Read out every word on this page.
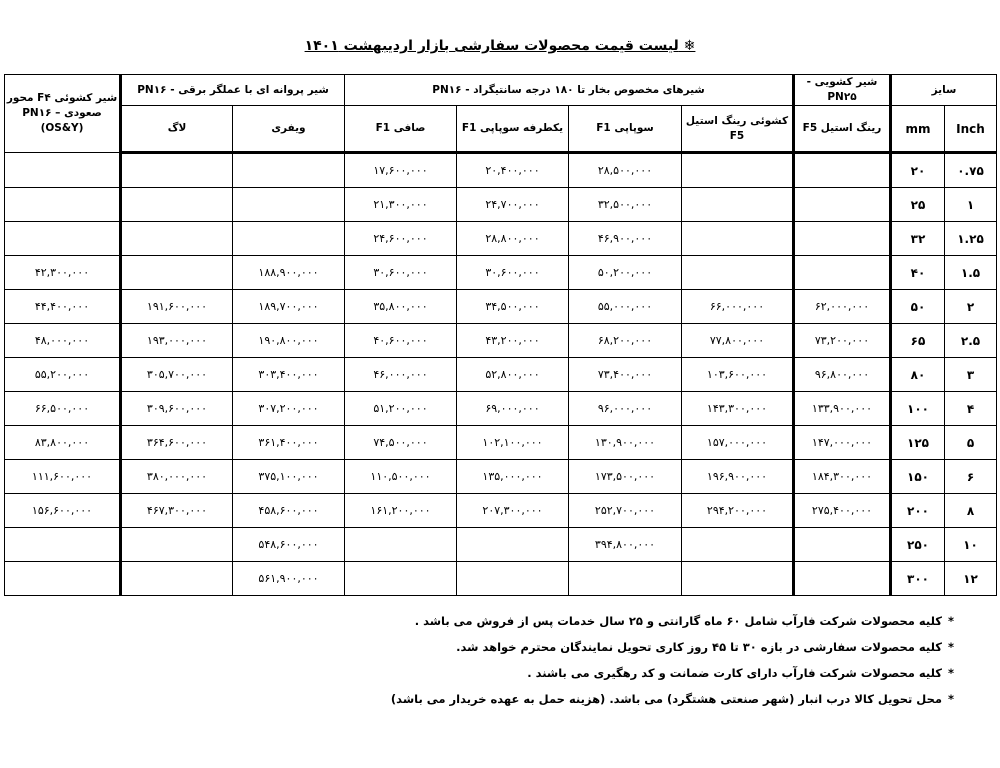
لیست قیمت محصولات سفارشی بازار اردیبهشت ۱۴۰۱ ❄
سایز		شیر کشویی -PN۲۵	شیرهای مخصوص بخار تا ۱۸۰ درجه سانتیگراد - PN۱۶				شیر پروانه ای با عملگر برقی - PN۱۶		شیر کشوئی F۴ محور صعودی PN۱۶ – (OS&Y)
Inch	mm	رینگ استیل F5	کشوئی رینگ استیل F5	سوپاپی F1	یکطرفه سوپاپی F1	صافی F1	ویفری	لاگ	
۰.۷۵	۲۰			۲۸,۵۰۰,۰۰۰	۲۰,۴۰۰,۰۰۰	۱۷,۶۰۰,۰۰۰			
۱	۲۵			۳۲,۵۰۰,۰۰۰	۲۴,۷۰۰,۰۰۰	۲۱,۳۰۰,۰۰۰			
۱.۲۵	۳۲			۴۶,۹۰۰,۰۰۰	۲۸,۸۰۰,۰۰۰	۲۴,۶۰۰,۰۰۰			
۱.۵	۴۰			۵۰,۲۰۰,۰۰۰	۳۰,۶۰۰,۰۰۰	۳۰,۶۰۰,۰۰۰	۱۸۸,۹۰۰,۰۰۰		۴۲,۳۰۰,۰۰۰
۲	۵۰	۶۲,۰۰۰,۰۰۰	۶۶,۰۰۰,۰۰۰	۵۵,۰۰۰,۰۰۰	۳۴,۵۰۰,۰۰۰	۳۵,۸۰۰,۰۰۰	۱۸۹,۷۰۰,۰۰۰	۱۹۱,۶۰۰,۰۰۰	۴۴,۴۰۰,۰۰۰
۲.۵	۶۵	۷۳,۲۰۰,۰۰۰	۷۷,۸۰۰,۰۰۰	۶۸,۲۰۰,۰۰۰	۴۳,۲۰۰,۰۰۰	۴۰,۶۰۰,۰۰۰	۱۹۰,۸۰۰,۰۰۰	۱۹۳,۰۰۰,۰۰۰	۴۸,۰۰۰,۰۰۰
۳	۸۰	۹۶,۸۰۰,۰۰۰	۱۰۳,۶۰۰,۰۰۰	۷۳,۴۰۰,۰۰۰	۵۲,۸۰۰,۰۰۰	۴۶,۰۰۰,۰۰۰	۳۰۳,۴۰۰,۰۰۰	۳۰۵,۷۰۰,۰۰۰	۵۵,۲۰۰,۰۰۰
۴	۱۰۰	۱۳۳,۹۰۰,۰۰۰	۱۴۳,۳۰۰,۰۰۰	۹۶,۰۰۰,۰۰۰	۶۹,۰۰۰,۰۰۰	۵۱,۲۰۰,۰۰۰	۳۰۷,۲۰۰,۰۰۰	۳۰۹,۶۰۰,۰۰۰	۶۶,۵۰۰,۰۰۰
۵	۱۲۵	۱۴۷,۰۰۰,۰۰۰	۱۵۷,۰۰۰,۰۰۰	۱۳۰,۹۰۰,۰۰۰	۱۰۲,۱۰۰,۰۰۰	۷۴,۵۰۰,۰۰۰	۳۶۱,۴۰۰,۰۰۰	۳۶۴,۶۰۰,۰۰۰	۸۳,۸۰۰,۰۰۰
۶	۱۵۰	۱۸۴,۳۰۰,۰۰۰	۱۹۶,۹۰۰,۰۰۰	۱۷۳,۵۰۰,۰۰۰	۱۳۵,۰۰۰,۰۰۰	۱۱۰,۵۰۰,۰۰۰	۳۷۵,۱۰۰,۰۰۰	۳۸۰,۰۰۰,۰۰۰	۱۱۱,۶۰۰,۰۰۰
۸	۲۰۰	۲۷۵,۴۰۰,۰۰۰	۲۹۴,۲۰۰,۰۰۰	۲۵۲,۷۰۰,۰۰۰	۲۰۷,۳۰۰,۰۰۰	۱۶۱,۲۰۰,۰۰۰	۴۵۸,۶۰۰,۰۰۰	۴۶۷,۳۰۰,۰۰۰	۱۵۶,۶۰۰,۰۰۰
۱۰	۲۵۰			۳۹۴,۸۰۰,۰۰۰			۵۴۸,۶۰۰,۰۰۰		
۱۲	۳۰۰						۵۶۱,۹۰۰,۰۰۰		
*کلیه محصولات شرکت فارآب شامل ۶۰ ماه گارانتی و ۲۵ سال خدمات پس از فروش می باشد .
*کلیه محصولات سفارشی در بازه ۳۰ تا ۴۵ روز کاری تحویل نمایندگان محترم خواهد شد.
*کلیه محصولات شرکت فارآب دارای کارت ضمانت و کد رهگیری می باشند .
*محل تحویل کالا درب انبار (شهر صنعتی هشتگرد) می باشد. (هزینه حمل به عهده خریدار می باشد)
